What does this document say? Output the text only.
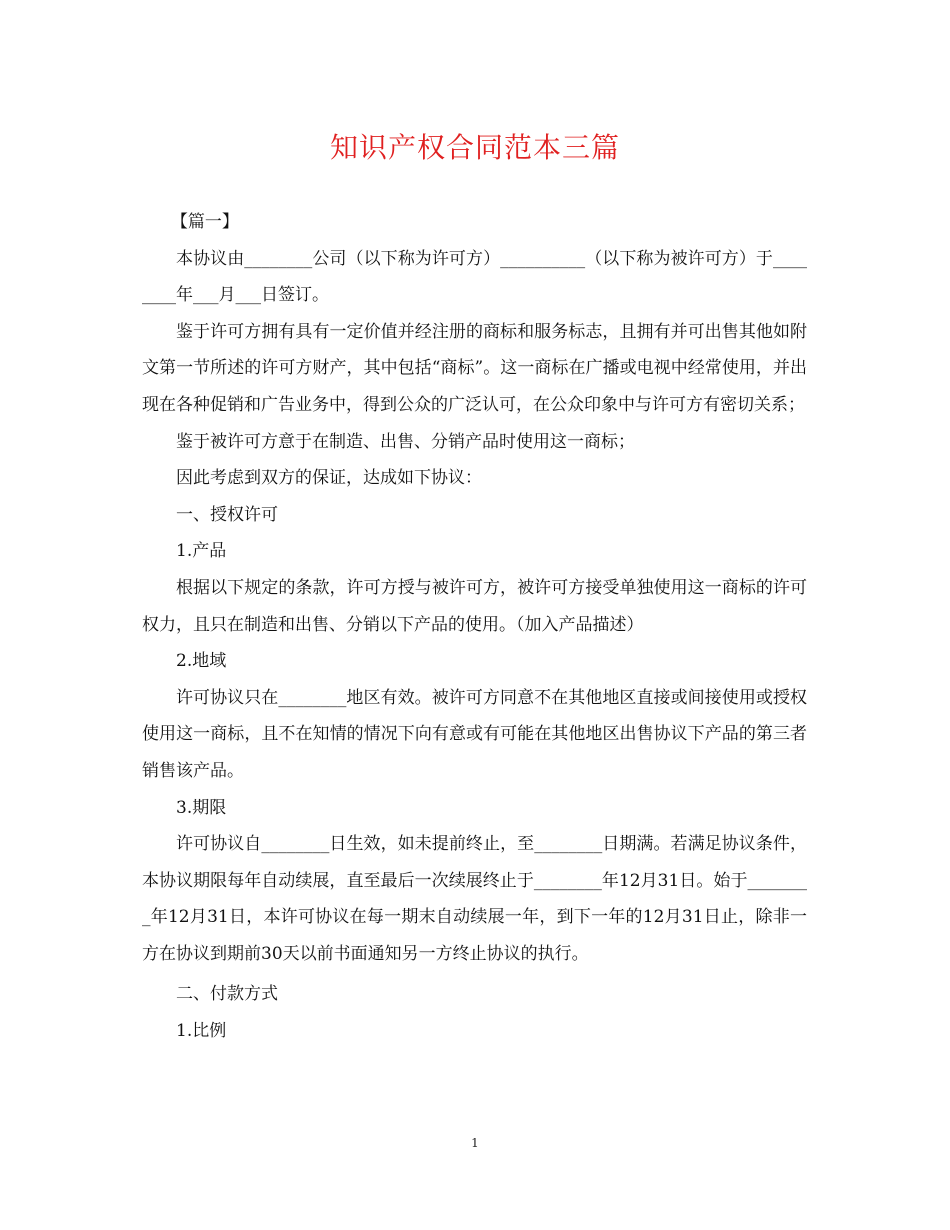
知识产权合同范本三篇

【篇一】

本协议由________公司（以下称为许可方）__________（以下称为被许可方）于________年___月___日签订。

鉴于许可方拥有具有一定价值并经注册的商标和服务标志，且拥有并可出售其他如附文第一节所述的许可方财产，其中包括“商标”。这一商标在广播或电视中经常使用，并出现在各种促销和广告业务中，得到公众的广泛认可，在公众印象中与许可方有密切关系；

鉴于被许可方意于在制造、出售、分销产品时使用这一商标；

因此考虑到双方的保证，达成如下协议：

一、授权许可

1.产品

根据以下规定的条款，许可方授与被许可方，被许可方接受单独使用这一商标的许可权力，且只在制造和出售、分销以下产品的使用。（加入产品描述）

2.地域

许可协议只在________地区有效。被许可方同意不在其他地区直接或间接使用或授权使用这一商标，且不在知情的情况下向有意或有可能在其他地区出售协议下产品的第三者销售该产品。

3.期限

许可协议自________日生效，如未提前终止，至________日期满。若满足协议条件，本协议期限每年自动续展，直至最后一次续展终止于________年12月31日。始于________年12月31日，本许可协议在每一期末自动续展一年，到下一年的12月31日止，除非一方在协议到期前30天以前书面通知另一方终止协议的执行。

二、付款方式

1.比例

1
